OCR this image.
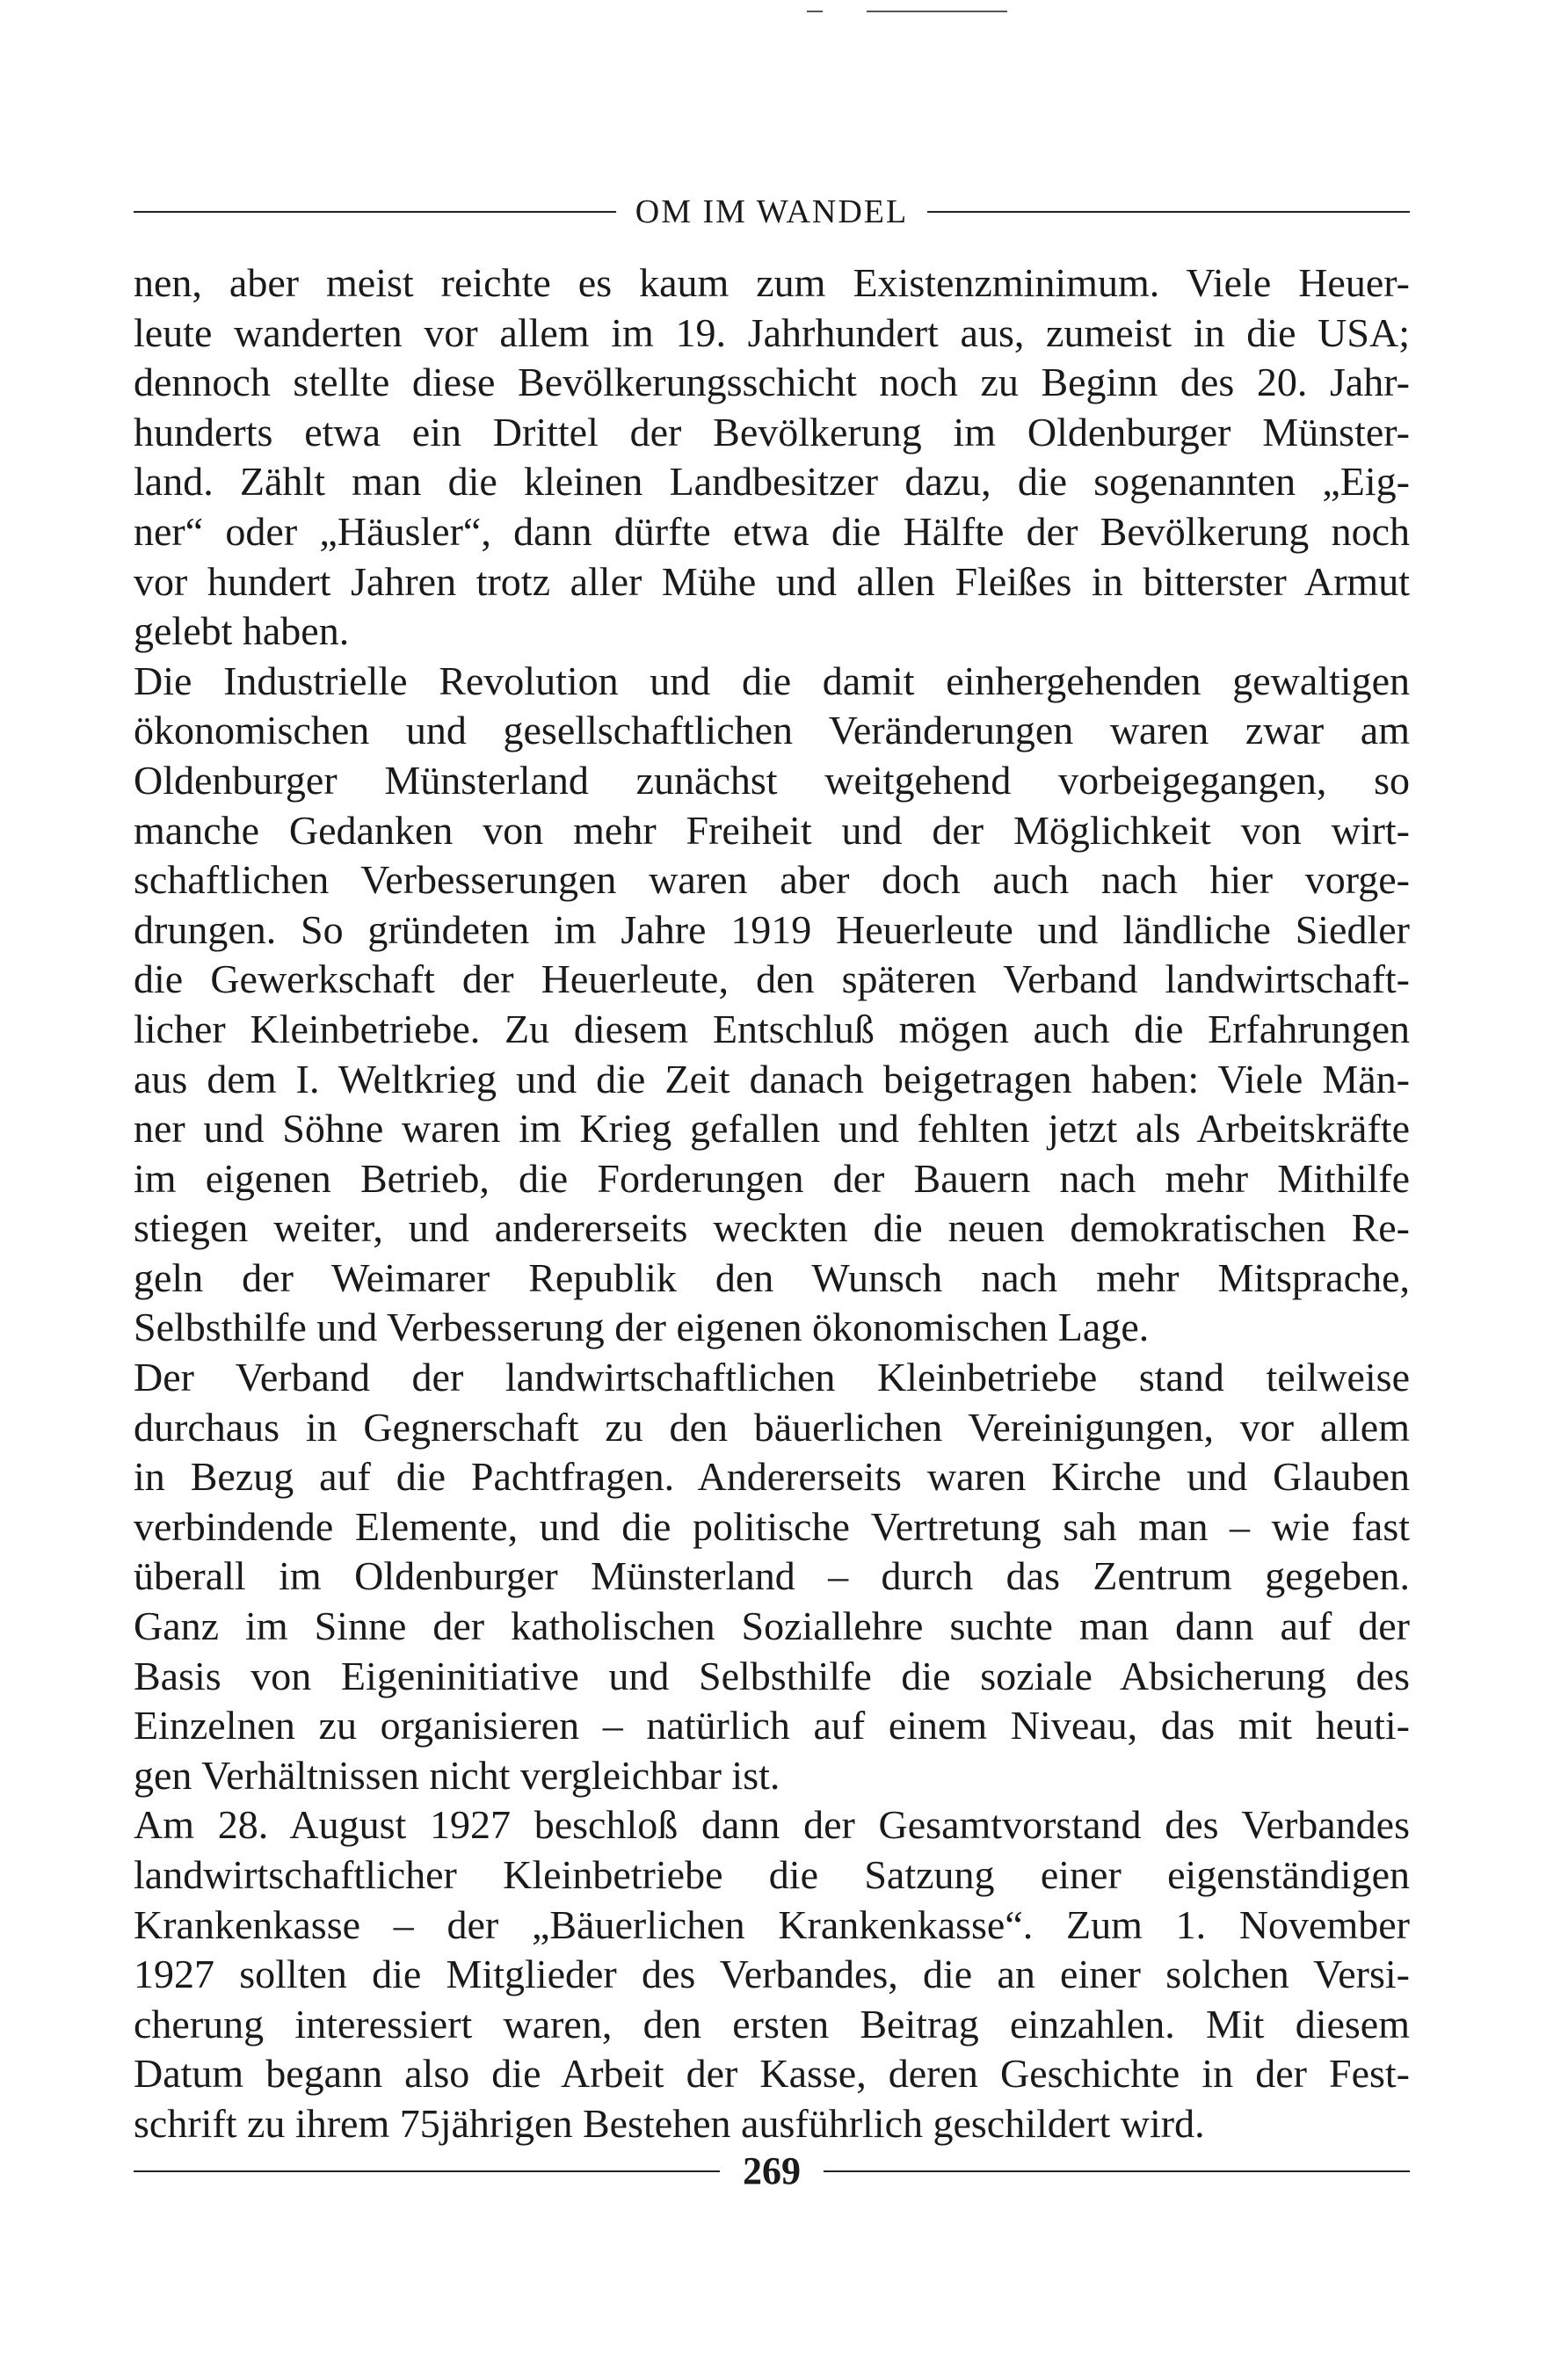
OM IM WANDEL
nen, aber meist reichte es kaum zum Existenzminimum. Viele Heuer-
leute wanderten vor allem im 19. Jahrhundert aus, zumeist in die USA;
dennoch stellte diese Bevölkerungsschicht noch zu Beginn des 20. Jahr-
hunderts etwa ein Drittel der Bevölkerung im Oldenburger Münster-
land. Zählt man die kleinen Landbesitzer dazu, die sogenannten „Eig-
ner“ oder „Häusler“, dann dürfte etwa die Hälfte der Bevölkerung noch
vor hundert Jahren trotz aller Mühe und allen Fleißes in bitterster Armut
gelebt haben.
Die Industrielle Revolution und die damit einhergehenden gewaltigen
ökonomischen und gesellschaftlichen Veränderungen waren zwar am
Oldenburger Münsterland zunächst weitgehend vorbeigegangen, so
manche Gedanken von mehr Freiheit und der Möglichkeit von wirt-
schaftlichen Verbesserungen waren aber doch auch nach hier vorge-
drungen. So gründeten im Jahre 1919 Heuerleute und ländliche Siedler
die Gewerkschaft der Heuerleute, den späteren Verband landwirtschaft-
licher Kleinbetriebe. Zu diesem Entschluß mögen auch die Erfahrungen
aus dem I. Weltkrieg und die Zeit danach beigetragen haben: Viele Män-
ner und Söhne waren im Krieg gefallen und fehlten jetzt als Arbeitskräfte
im eigenen Betrieb, die Forderungen der Bauern nach mehr Mithilfe
stiegen weiter, und andererseits weckten die neuen demokratischen Re-
geln der Weimarer Republik den Wunsch nach mehr Mitsprache,
Selbsthilfe und Verbesserung der eigenen ökonomischen Lage.
Der Verband der landwirtschaftlichen Kleinbetriebe stand teilweise
durchaus in Gegnerschaft zu den bäuerlichen Vereinigungen, vor allem
in Bezug auf die Pachtfragen. Andererseits waren Kirche und Glauben
verbindende Elemente, und die politische Vertretung sah man – wie fast
überall im Oldenburger Münsterland – durch das Zentrum gegeben.
Ganz im Sinne der katholischen Soziallehre suchte man dann auf der
Basis von Eigeninitiative und Selbsthilfe die soziale Absicherung des
Einzelnen zu organisieren – natürlich auf einem Niveau, das mit heuti-
gen Verhältnissen nicht vergleichbar ist.
Am 28. August 1927 beschloß dann der Gesamtvorstand des Verbandes
landwirtschaftlicher Kleinbetriebe die Satzung einer eigenständigen
Krankenkasse – der „Bäuerlichen Krankenkasse“. Zum 1. November
1927 sollten die Mitglieder des Verbandes, die an einer solchen Versi-
cherung interessiert waren, den ersten Beitrag einzahlen. Mit diesem
Datum begann also die Arbeit der Kasse, deren Geschichte in der Fest-
schrift zu ihrem 75jährigen Bestehen ausführlich geschildert wird.
269
